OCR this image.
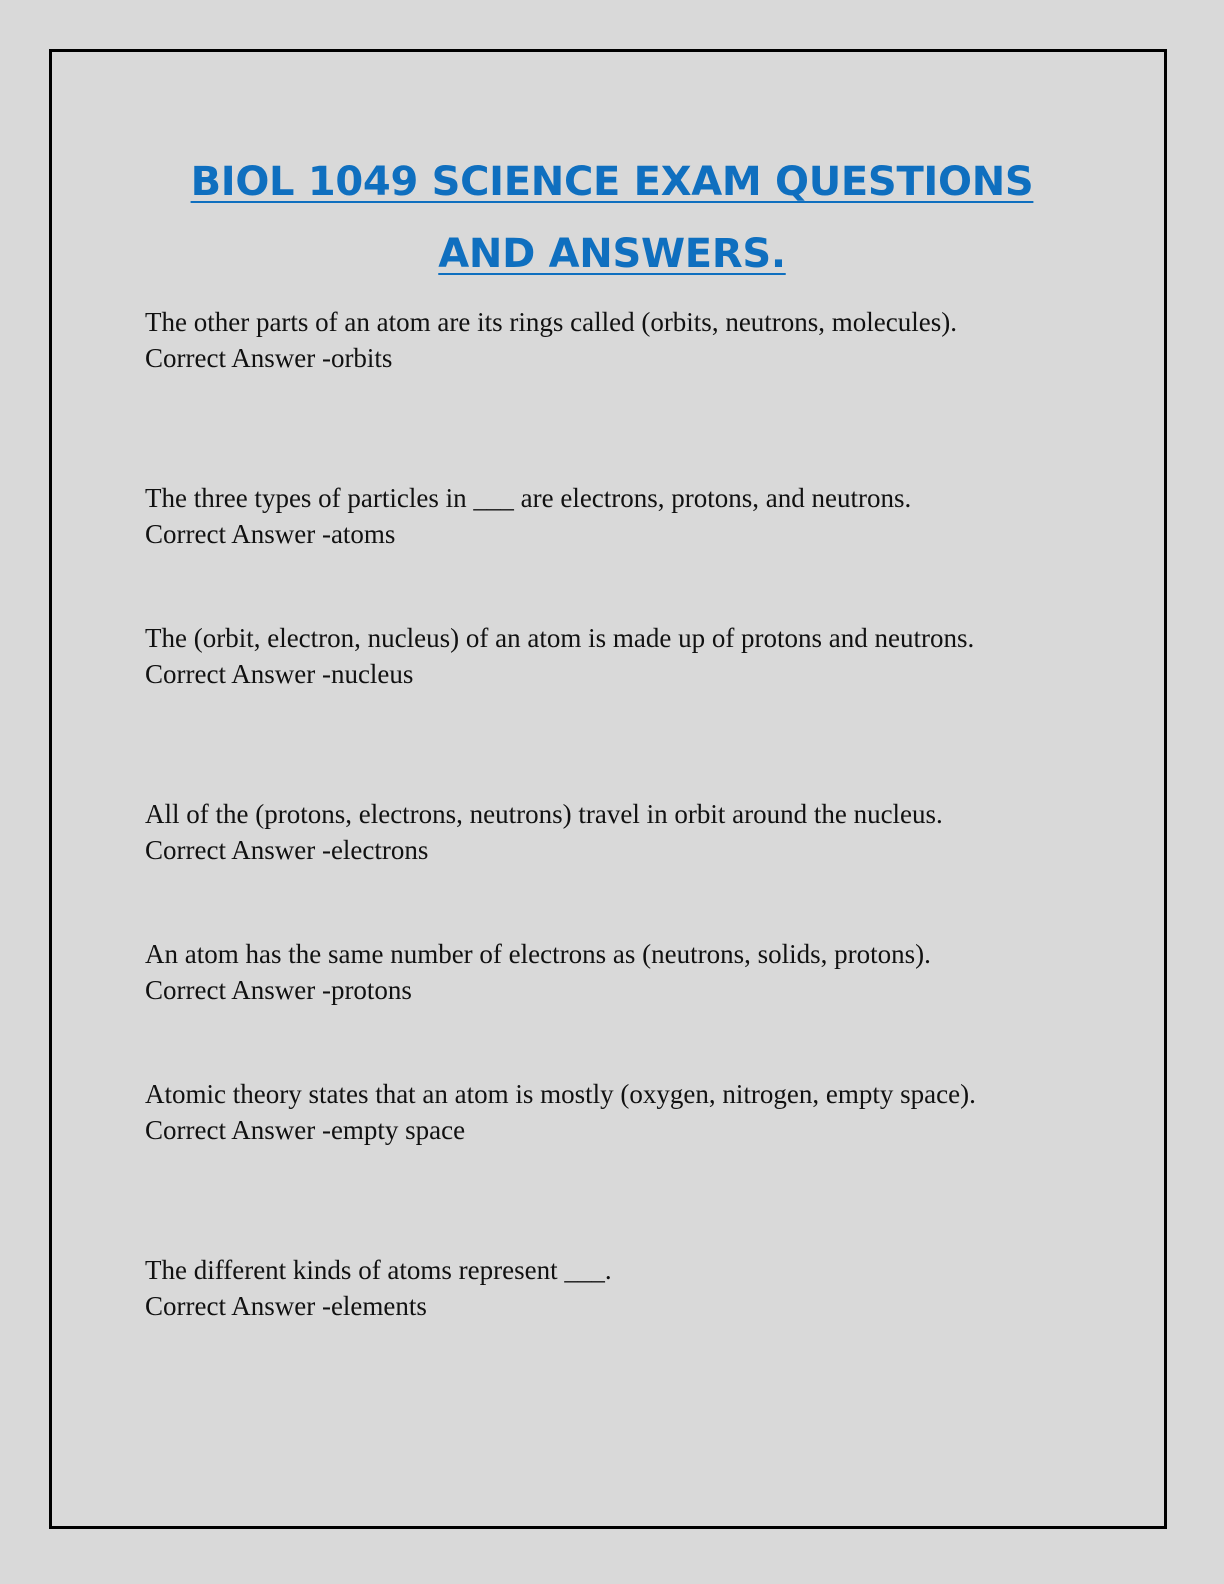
BIOL 1049 SCIENCE EXAM QUESTIONS
AND ANSWERS.

The other parts of an atom are its rings called (orbits, neutrons, molecules).

Correct Answer -orbits

The three types of particles in ___ are electrons, protons, and neutrons.

Correct Answer -atoms

The (orbit, electron, nucleus) of an atom is made up of protons and neutrons.

Correct Answer -nucleus

All of the (protons, electrons, neutrons) travel in orbit around the nucleus.

Correct Answer -electrons

An atom has the same number of electrons as (neutrons, solids, protons).

Correct Answer -protons

Atomic theory states that an atom is mostly (oxygen, nitrogen, empty space).

Correct Answer -empty space

The different kinds of atoms represent ___.

Correct Answer -elements
